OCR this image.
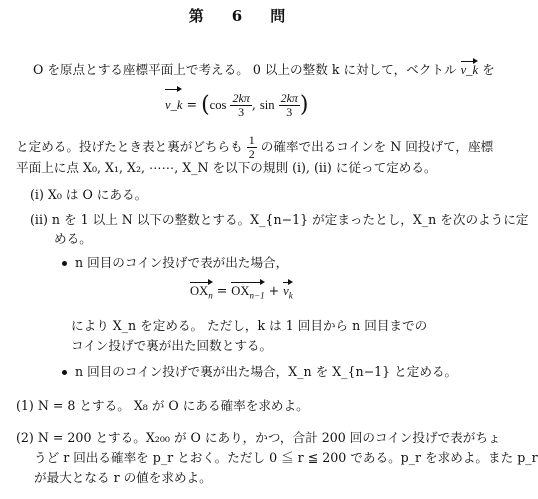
第 6 問
O を原点とする座標平面上で考える。 0 以上の整数 k に対して，ベクトル v_k を
v_k = ($\cos \frac{2k\pi}{3}$ , $\sin \frac{2k\pi}{3}$ )
と定める。投げたとき表と裏がどちらも $\frac{1}{2}$ の確率で出るコインを N 回投げて，座標
平面上に点 X₀, X₁, X₂, ⋯⋯, X_N を以下の規則 (i), (ii) に従って定める。
(i) X₀ は O にある。
(ii) n を 1 以上 N 以下の整数とする。X_{n−1} が定まったとし，X_n を次のように定
める。
n 回目のコイン投げで表が出た場合，
$OX_n = OX_{n-1} + v_k$
により X_n を定める。 ただし，k は 1 回目から n 回目までの
コイン投げで裏が出た回数とする。
n 回目のコイン投げで裏が出た場合，X_n を X_{n−1} と定める。
(1) N = 8 とする。 X₈ が O にある確率を求めよ。
(2) N = 200 とする。X₂₀₀ が O にあり，かつ，合計 200 回のコイン投げで表がちょ
うど r 回出る確率を p_r とおく。ただし 0 ≦ r ≦ 200 である。p_r を求めよ。また p_r
が最大となる r の値を求めよ。
